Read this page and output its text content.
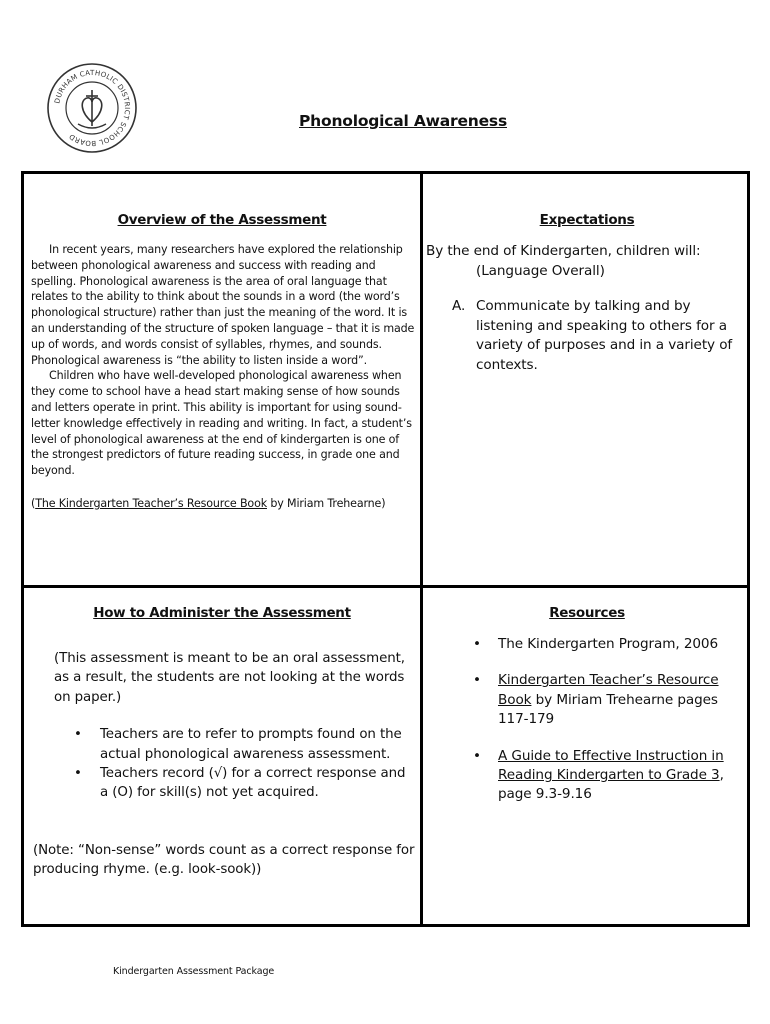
DURHAM CATHOLIC DISTRICT SCHOOL BOARD
Phonological Awareness
Overview of the Assessment

In recent years, many researchers have explored the relationship between phonological awareness and success with reading and spelling. Phonological awareness is the area of oral language that relates to the ability to think about the sounds in a word (the word’s phonological structure) rather than just the meaning of the word. It is an understanding of the structure of spoken language – that it is made up of words, and words consist of syllables, rhymes, and sounds. Phonological awareness is “the ability to listen inside a word”.

Children who have well-developed phonological awareness when they come to school have a head start making sense of how sounds and letters operate in print. This ability is important for using sound-letter knowledge effectively in reading and writing. In fact, a student’s level of phonological awareness at the end of kindergarten is one of the strongest predictors of future reading success, in grade one and beyond.

(The Kindergarten Teacher’s Resource Book by Miriam Trehearne)
Expectations
By the end of Kindergarten, children will:
(Language Overall)
A. Communicate by talking and by listening and speaking to others for a variety of purposes and in a variety of contexts.
How to Administer the Assessment
(This assessment is meant to be an oral assessment, as a result, the students are not looking at the words on paper.)
•	Teachers are to refer to prompts found on the actual phonological awareness assessment.
•	Teachers record (√) for a correct response and a (O) for skill(s) not yet acquired.
(Note: “Non-sense” words count as a correct response for producing rhyme. (e.g. look-sook))
Resources
•	The Kindergarten Program, 2006
•	Kindergarten Teacher’s Resource Book by Miriam Trehearne pages 117-179
•	A Guide to Effective Instruction in Reading Kindergarten to Grade 3, page 9.3-9.16
Kindergarten Assessment Package
